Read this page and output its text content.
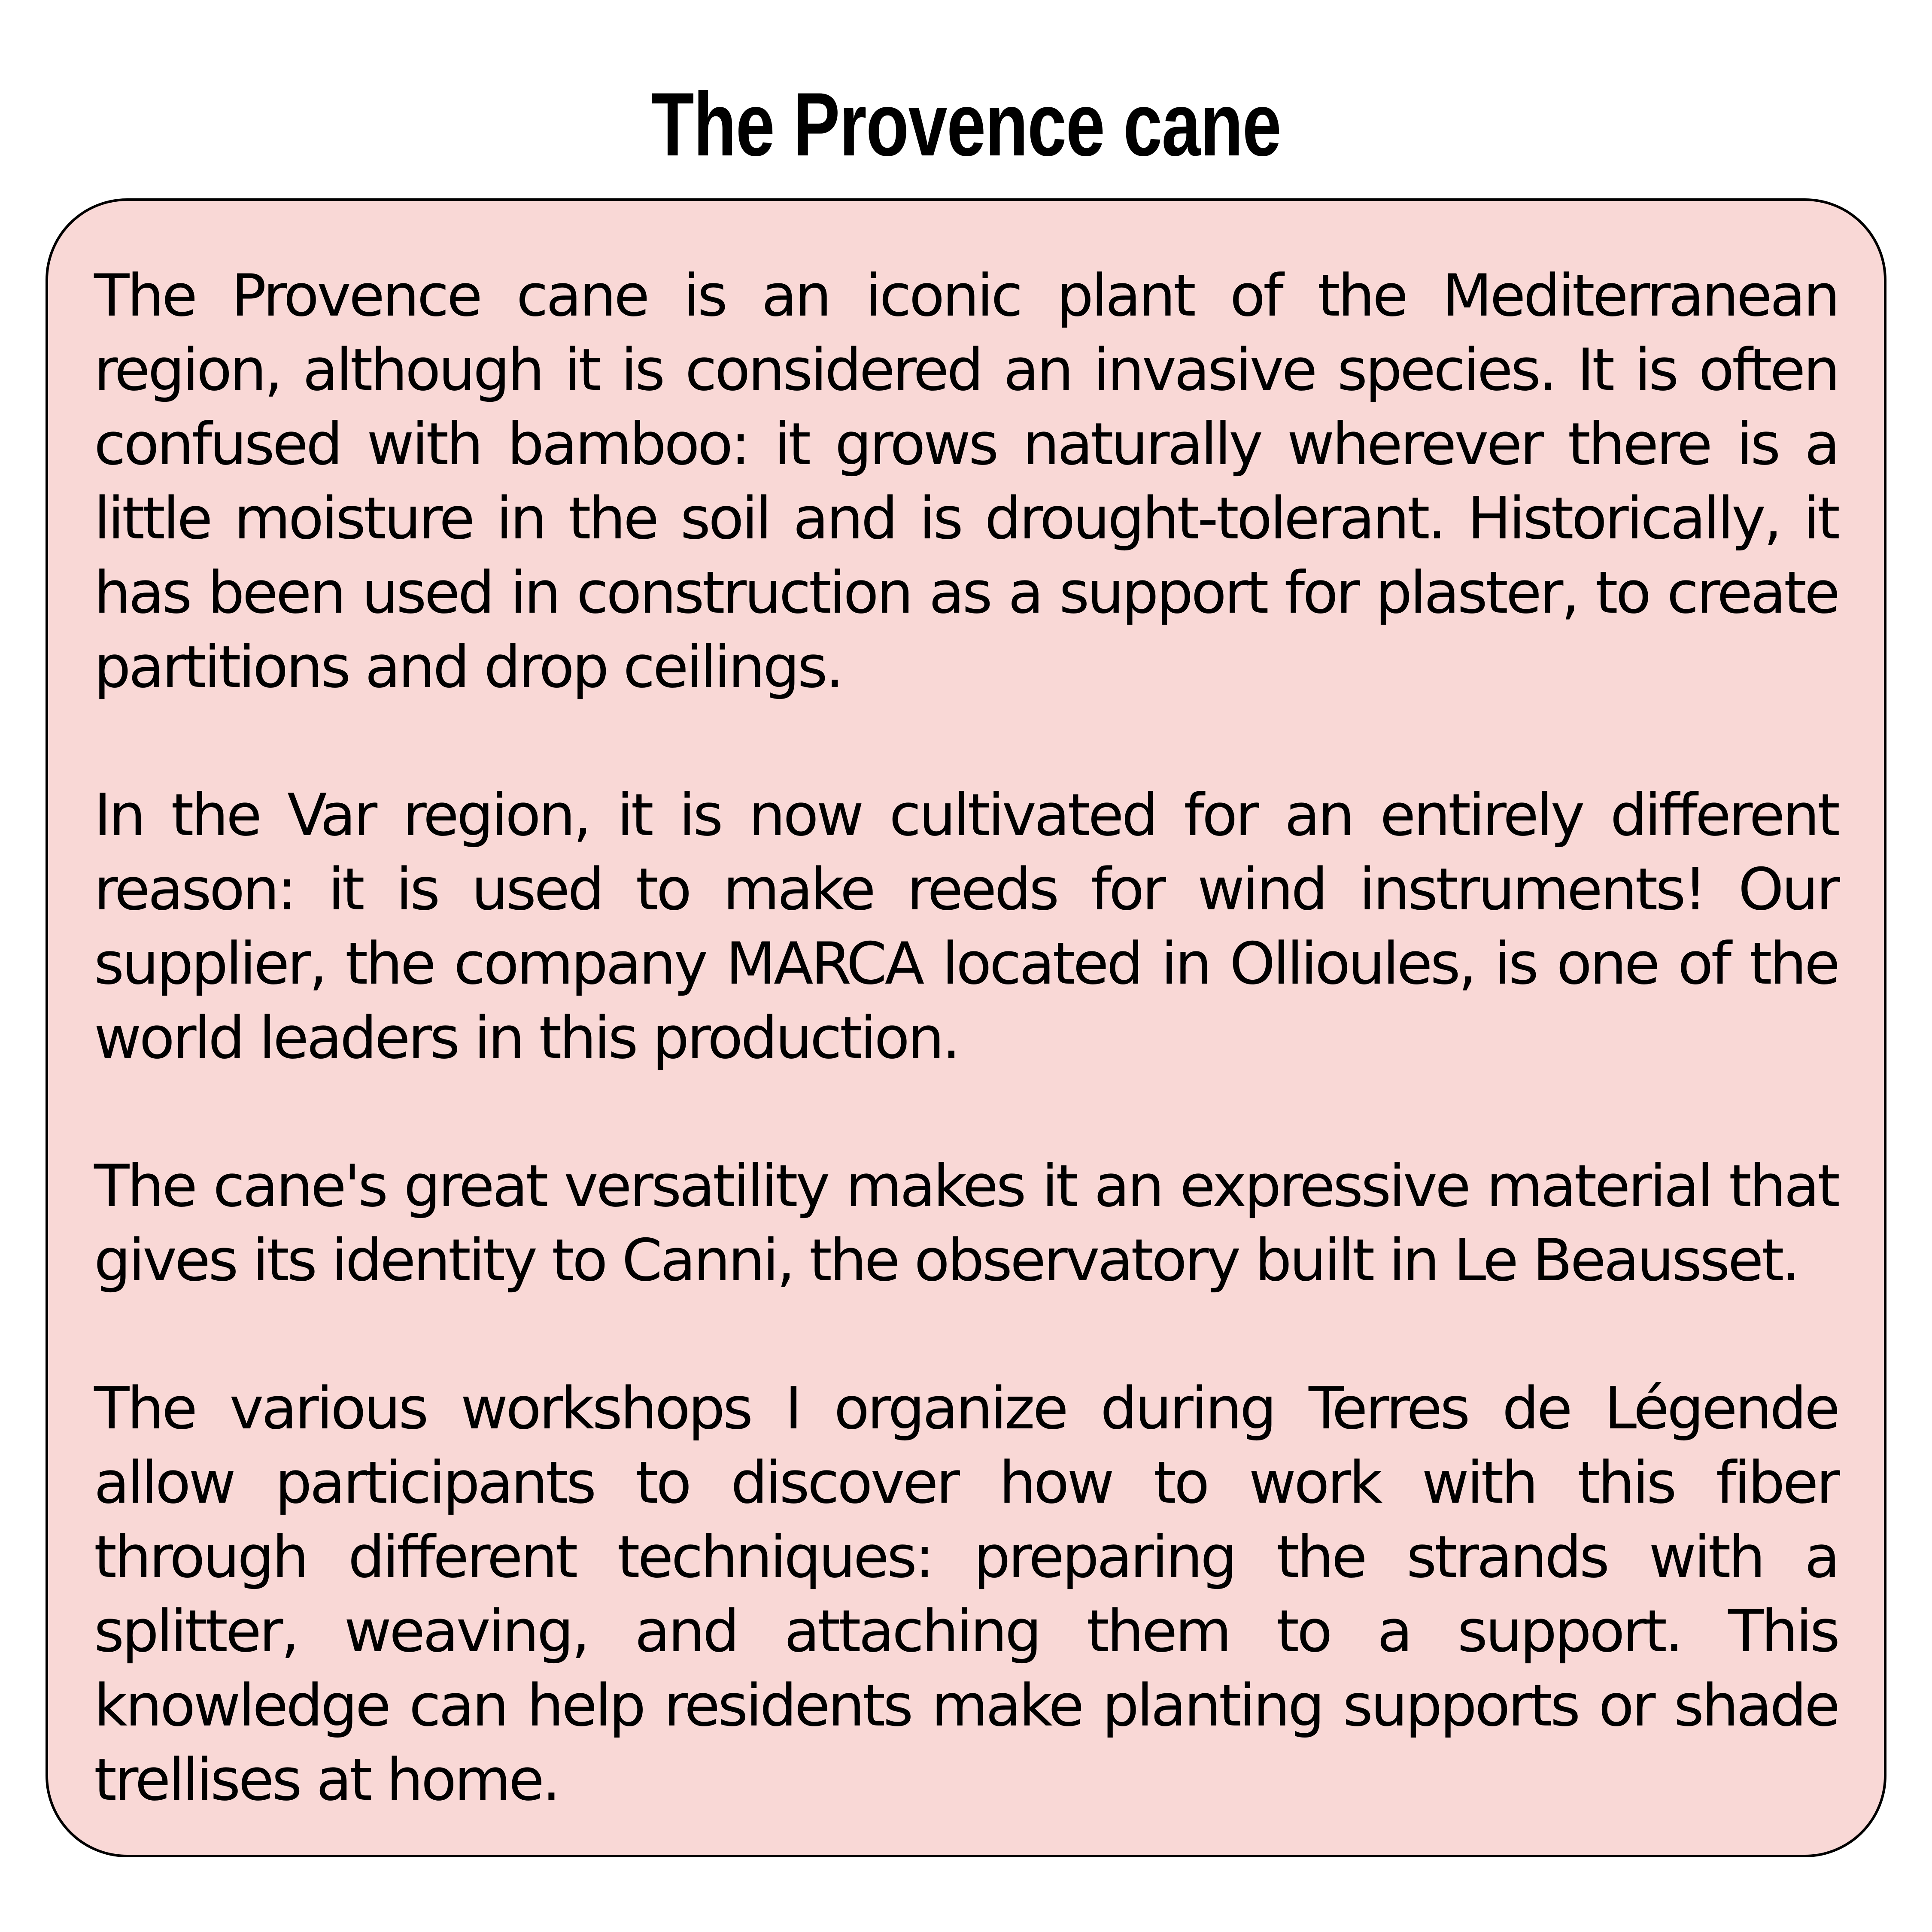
The Provence cane

The Provence cane is an iconic plant of the Mediterranean region, although it is considered an invasive species. It is often confused with bamboo: it grows naturally wherever there is a little moisture in the soil and is drought-tolerant. Historically, it has been used in construction as a support for plaster, to create partitions and drop ceilings.

In the Var region, it is now cultivated for an entirely different reason: it is used to make reeds for wind instruments! Our supplier, the company MARCA located in Ollioules, is one of the world leaders in this production.

The cane's great versatility makes it an expressive material that gives its identity to Canni, the observatory built in Le Beausset.

The various workshops I organize during Terres de Légende allow participants to discover how to work with this fiber through different techniques: preparing the strands with a splitter, weaving, and attaching them to a support. This knowledge can help residents make planting supports or shade trellises at home.
